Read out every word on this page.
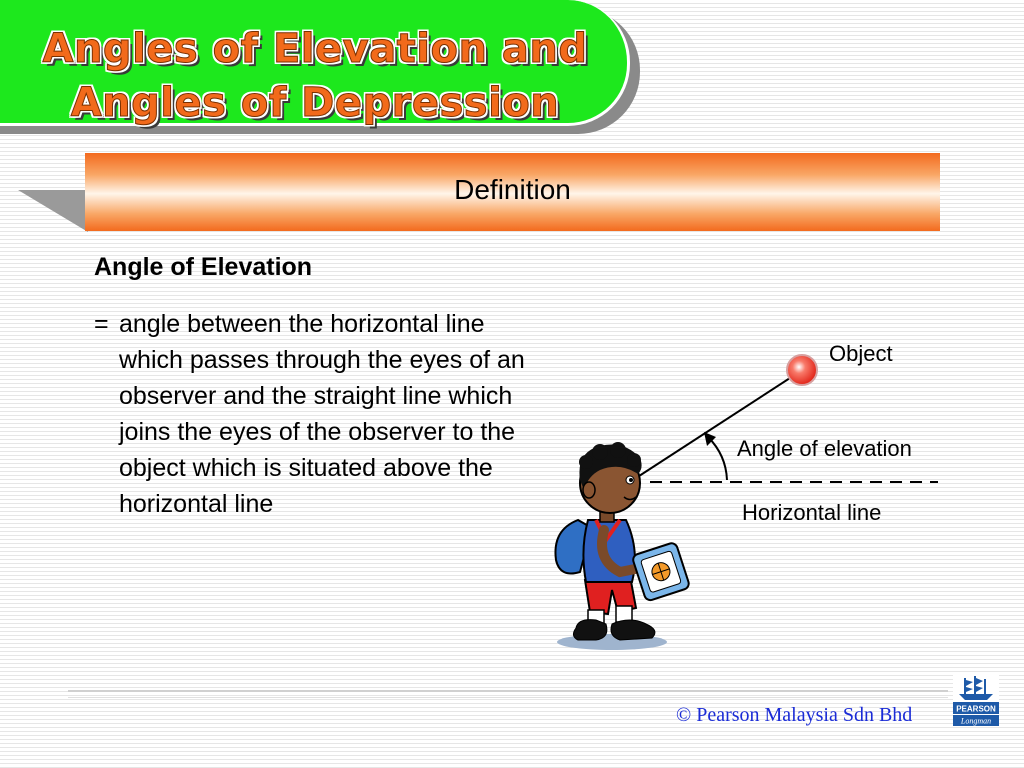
Angles of Elevation and
Angles of Depression
Definition
Angle of Elevation
= angle between the horizontal line which passes through the eyes of an observer and the straight line which joins the eyes of the observer to the object which is situated above the horizontal line
Object
Angle of elevation
Horizontal line
© Pearson Malaysia Sdn Bhd	PEARSON
Longman
